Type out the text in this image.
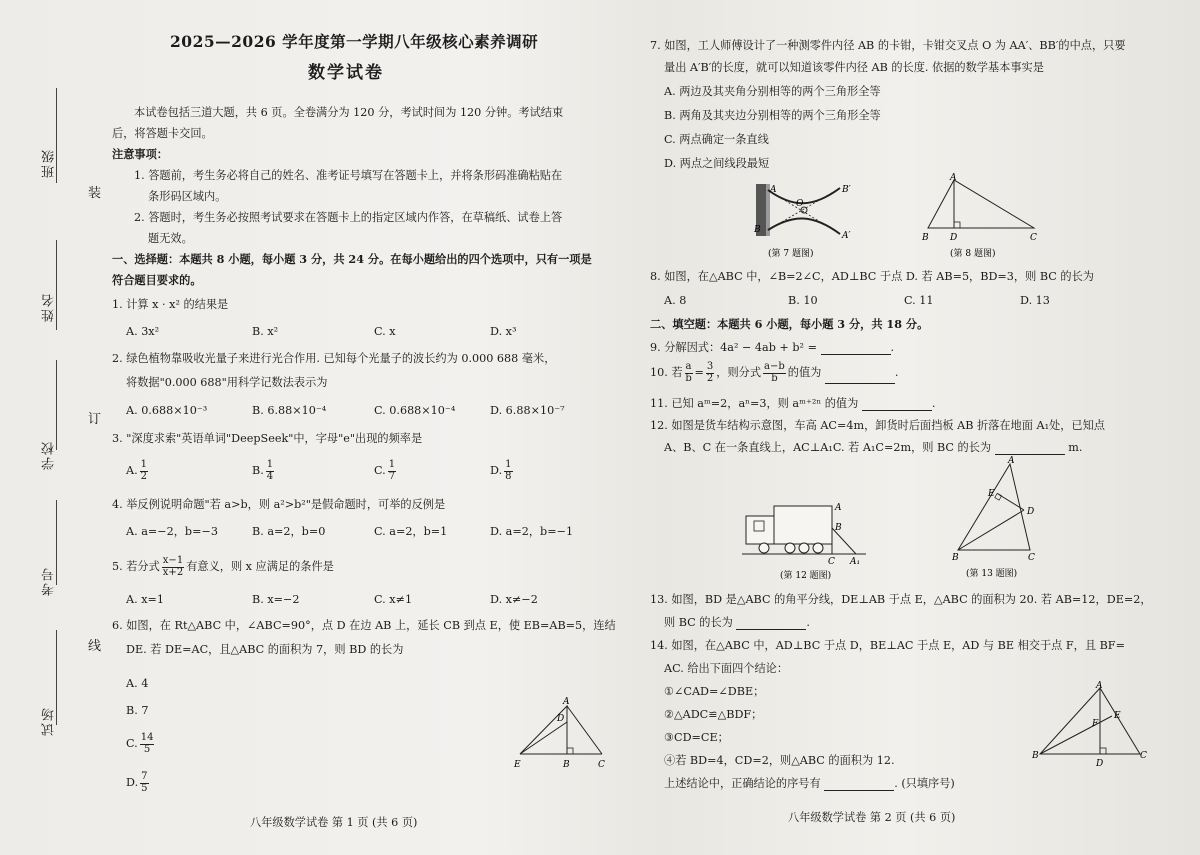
班级
姓名
学校
考号
试场
装
订
线
2025—2026 学年度第一学期八年级核心素养调研
数学试卷
本试卷包括三道大题，共 6 页。全卷满分为 120 分，考试时间为 120 分钟。考试结束
后，将答题卡交回。
注意事项：
1. 答题前，考生务必将自己的姓名、准考证号填写在答题卡上，并将条形码准确粘贴在
条形码区域内。
2. 答题时，考生务必按照考试要求在答题卡上的指定区域内作答，在草稿纸、试卷上答
题无效。
一、选择题：本题共 8 小题，每小题 3 分，共 24 分。在每小题给出的四个选项中，只有一项是
符合题目要求的。
1. 计算 x · x² 的结果是
A. 3x²	B. x²	C. x	D. x³
2. 绿色植物靠吸收光量子来进行光合作用. 已知每个光量子的波长约为 0.000 688 毫米，
将数据"0.000 688"用科学记数法表示为
A. 0.688×10⁻³	B. 6.88×10⁻⁴	C. 0.688×10⁻⁴	D. 6.88×10⁻⁷
3. "深度求索"英语单词"DeepSeek"中，字母"e"出现的频率是
A. $\frac{1}{2}$	B. $\frac{1}{4}$	C. $\frac{1}{7}$	D. $\frac{1}{8}$
4. 举反例说明命题"若 a>b，则 a²>b²"是假命题时，可举的反例是
A. a=−2，b=−3	B. a=2，b=0	C. a=2，b=1	D. a=2，b=−1
5. 若分式 $\frac{x-1}{x+2}$ 有意义，则 x 应满足的条件是
A. x=1	B. x=−2	C. x≠1	D. x≠−2
6. 如图，在 Rt△ABC 中，∠ABC=90°，点 D 在边 AB 上，延长 CB 到点 E，使 EB=AB=5，连结
DE. 若 DE=AC，且△ABC 的面积为 7，则 BD 的长为
A. 4
B. 7
C. $\frac{14}{5}$
D. $\frac{7}{5}$
A
D
E	B	C
八年级数学试卷 第 1 页 (共 6 页)
7. 如图，工人师傅设计了一种测零件内径 AB 的卡钳，卡钳交叉点 O 为 AA′、BB′的中点，只要
量出 A′B′的长度，就可以知道该零件内径 AB 的长度. 依据的数学基本事实是
A. 两边及其夹角分别相等的两个三角形全等
B. 两角及其夹边分别相等的两个三角形全等
C. 两点确定一条直线
D. 两点之间线段最短
A
B
O
B′
A′
(第 7 题图)
A
B D	C
(第 8 题图)
8. 如图，在△ABC 中，∠B=2∠C，AD⊥BC 于点 D. 若 AB=5，BD=3，则 BC 的长为
A. 8	B. 10	C. 11	D. 13
二、填空题：本题共 6 小题，每小题 3 分，共 18 分。
9. 分解因式：4a² − 4ab + b² =	.
10. 若 $\frac{a}{b} = \frac{3}{2}$ ，则分式 $\frac{a-b}{b}$ 的值为	.
11. 已知 aᵐ=2，aⁿ=3，则 aᵐ⁺²ⁿ 的值为	.
12. 如图是货车结构示意图，车高 AC=4m，卸货时后面挡板 AB 折落在地面 A₁处，已知点
A、B、C 在一条直线上，AC⊥A₁C. 若 A₁C=2m，则 BC 的长为	m.
A
B
C A₁
(第 12 题图)
A
E
D
B	C
(第 13 题图)
13. 如图，BD 是△ABC 的角平分线，DE⊥AB 于点 E，△ABC 的面积为 20. 若 AB=12，DE=2，
则 BC 的长为	.
14. 如图，在△ABC 中，AD⊥BC 于点 D，BE⊥AC 于点 E，AD 与 BE 相交于点 F，且 BF=
AC. 给出下面四个结论：
①∠CAD=∠DBE；
②△ADC≌△BDF；
③CD=CE；
④若 BD=4，CD=2，则△ABC 的面积为 12.
上述结论中，正确结论的序号有	. (只填序号)
A
E
F
B
D
C
八年级数学试卷 第 2 页 (共 6 页)
